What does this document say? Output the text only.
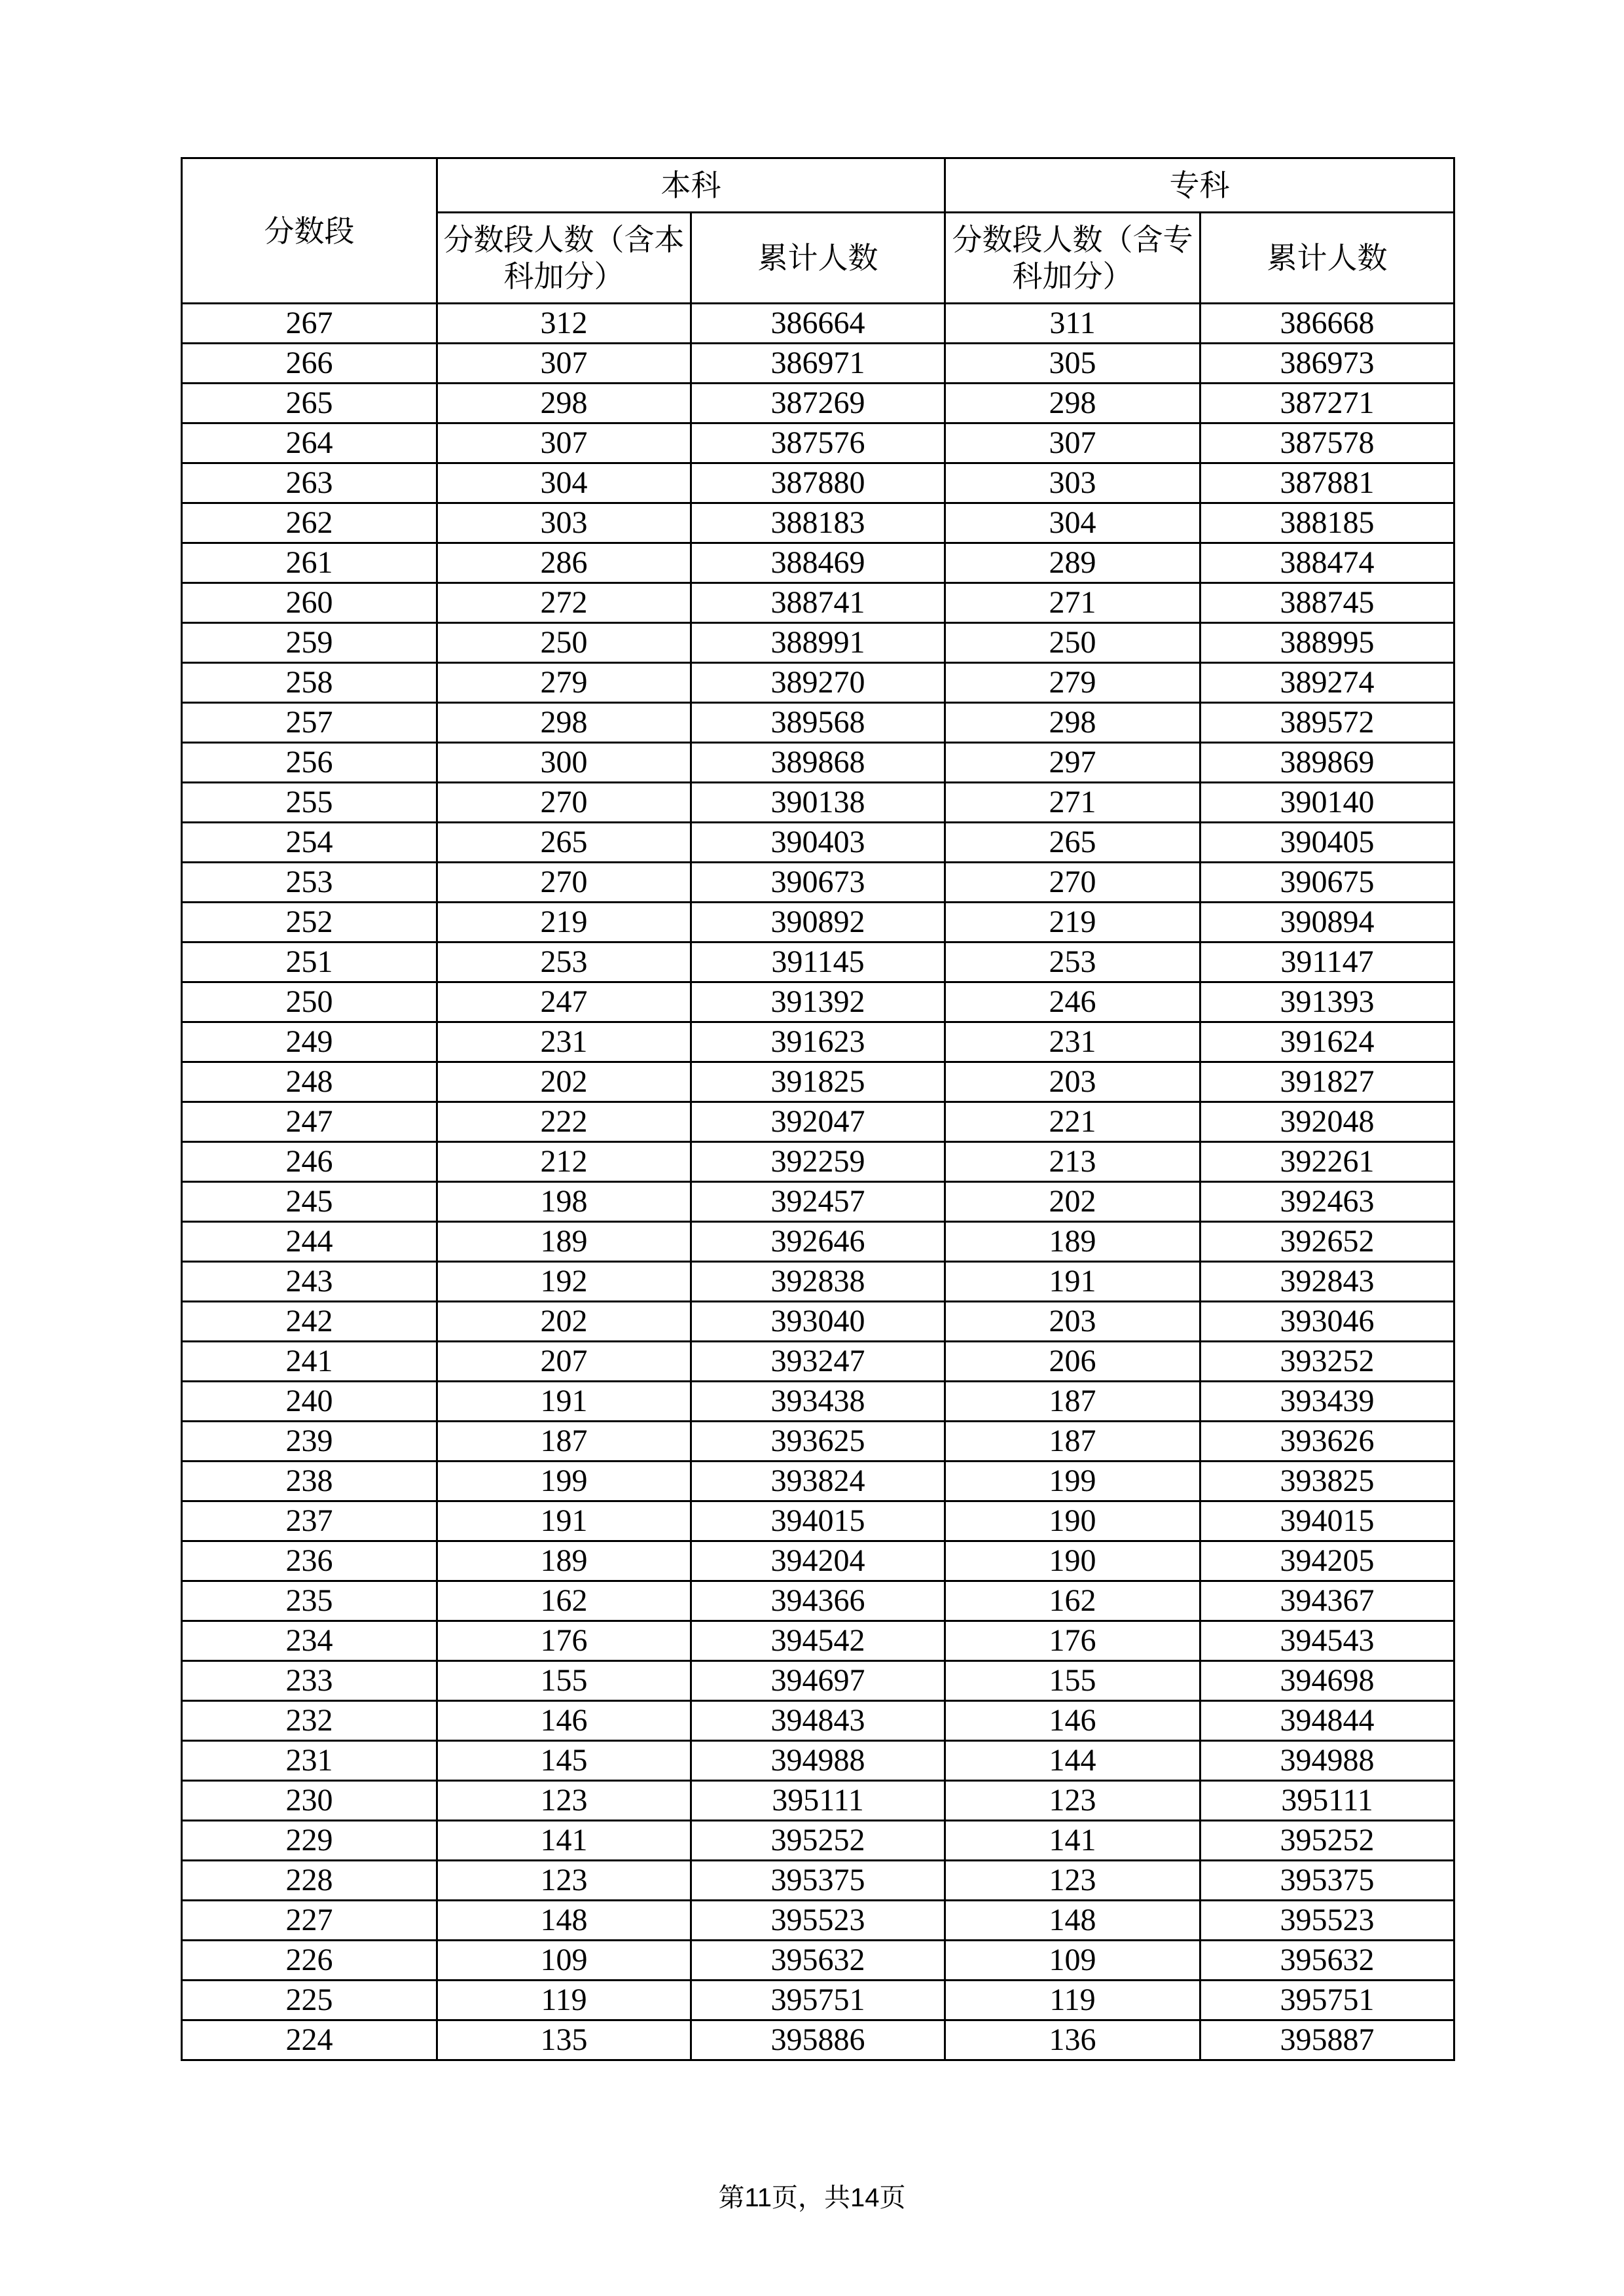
分数段	本科		专科	
	分数段人数（含本科加分）	累计人数	分数段人数（含专科加分）	累计人数
267	312	386664	311	386668
266	307	386971	305	386973
265	298	387269	298	387271
264	307	387576	307	387578
263	304	387880	303	387881
262	303	388183	304	388185
261	286	388469	289	388474
260	272	388741	271	388745
259	250	388991	250	388995
258	279	389270	279	389274
257	298	389568	298	389572
256	300	389868	297	389869
255	270	390138	271	390140
254	265	390403	265	390405
253	270	390673	270	390675
252	219	390892	219	390894
251	253	391145	253	391147
250	247	391392	246	391393
249	231	391623	231	391624
248	202	391825	203	391827
247	222	392047	221	392048
246	212	392259	213	392261
245	198	392457	202	392463
244	189	392646	189	392652
243	192	392838	191	392843
242	202	393040	203	393046
241	207	393247	206	393252
240	191	393438	187	393439
239	187	393625	187	393626
238	199	393824	199	393825
237	191	394015	190	394015
236	189	394204	190	394205
235	162	394366	162	394367
234	176	394542	176	394543
233	155	394697	155	394698
232	146	394843	146	394844
231	145	394988	144	394988
230	123	395111	123	395111
229	141	395252	141	395252
228	123	395375	123	395375
227	148	395523	148	395523
226	109	395632	109	395632
225	119	395751	119	395751
224	135	395886	136	395887
第11页，共14页
